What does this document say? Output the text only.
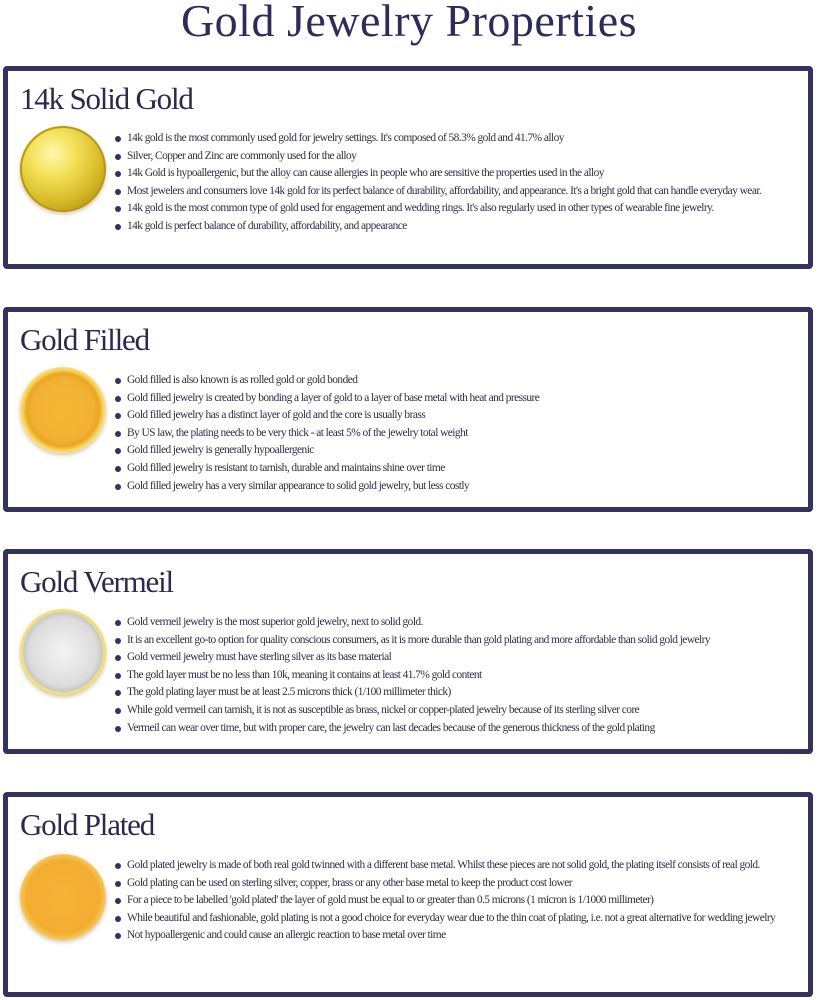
Gold Jewelry Properties
14k Solid Gold
14k gold is the most commonly used gold for jewelry settings. It's composed of 58.3% gold and 41.7% alloy
Silver, Copper and Zinc are commonly used for the alloy
14k Gold is hypoallergenic, but the alloy can cause allergies in people who are sensitive the properties used in the alloy
Most jewelers and consumers love 14k gold for its perfect balance of durability, affordability, and appearance. It's a bright gold that can handle everyday wear.
14k gold is the most common type of gold used for engagement and wedding rings. It's also regularly used in other types of wearable fine jewelry.
14k gold is perfect balance of durability, affordability, and appearance
Gold Filled
Gold filled is also known is as rolled gold or gold bonded
Gold filled jewelry is created by bonding a layer of gold to a layer of base metal with heat and pressure
Gold filled jewelry has a distinct layer of gold and the core is usually brass
By US law, the plating needs to be very thick - at least 5% of the jewelry total weight
Gold filled jewelry is generally hypoallergenic
Gold filled jewelry is resistant to tarnish, durable and maintains shine over time
Gold filled jewelry has a very similar appearance to solid gold jewelry, but less costly
Gold Vermeil
Gold vermeil jewelry is the most superior gold jewelry, next to solid gold.
It is an excellent go-to option for quality conscious consumers, as it is more durable than gold plating and more affordable than solid gold jewelry
Gold vermeil jewelry must have sterling silver as its base material
The gold layer must be no less than 10k, meaning it contains at least 41.7% gold content
The gold plating layer must be at least 2.5 microns thick (1/100 millimeter thick)
While gold vermeil can tarnish, it is not as susceptible as brass, nickel or copper-plated jewelry because of its sterling silver core
Vermeil can wear over time, but with proper care, the jewelry can last decades because of the generous thickness of the gold plating
Gold Plated
Gold plated jewelry is made of both real gold twinned with a different base metal. Whilst these pieces are not solid gold, the plating itself consists of real gold.
Gold plating can be used on sterling silver, copper, brass or any other base metal to keep the product cost lower
For a piece to be labelled 'gold plated' the layer of gold must be equal to or greater than 0.5 microns (1 micron is 1/1000 millimeter)
While beautiful and fashionable, gold plating is not a good choice for everyday wear due to the thin coat of plating, i.e. not a great alternative for wedding jewelry
Not hypoallergenic and could cause an allergic reaction to base metal over time
